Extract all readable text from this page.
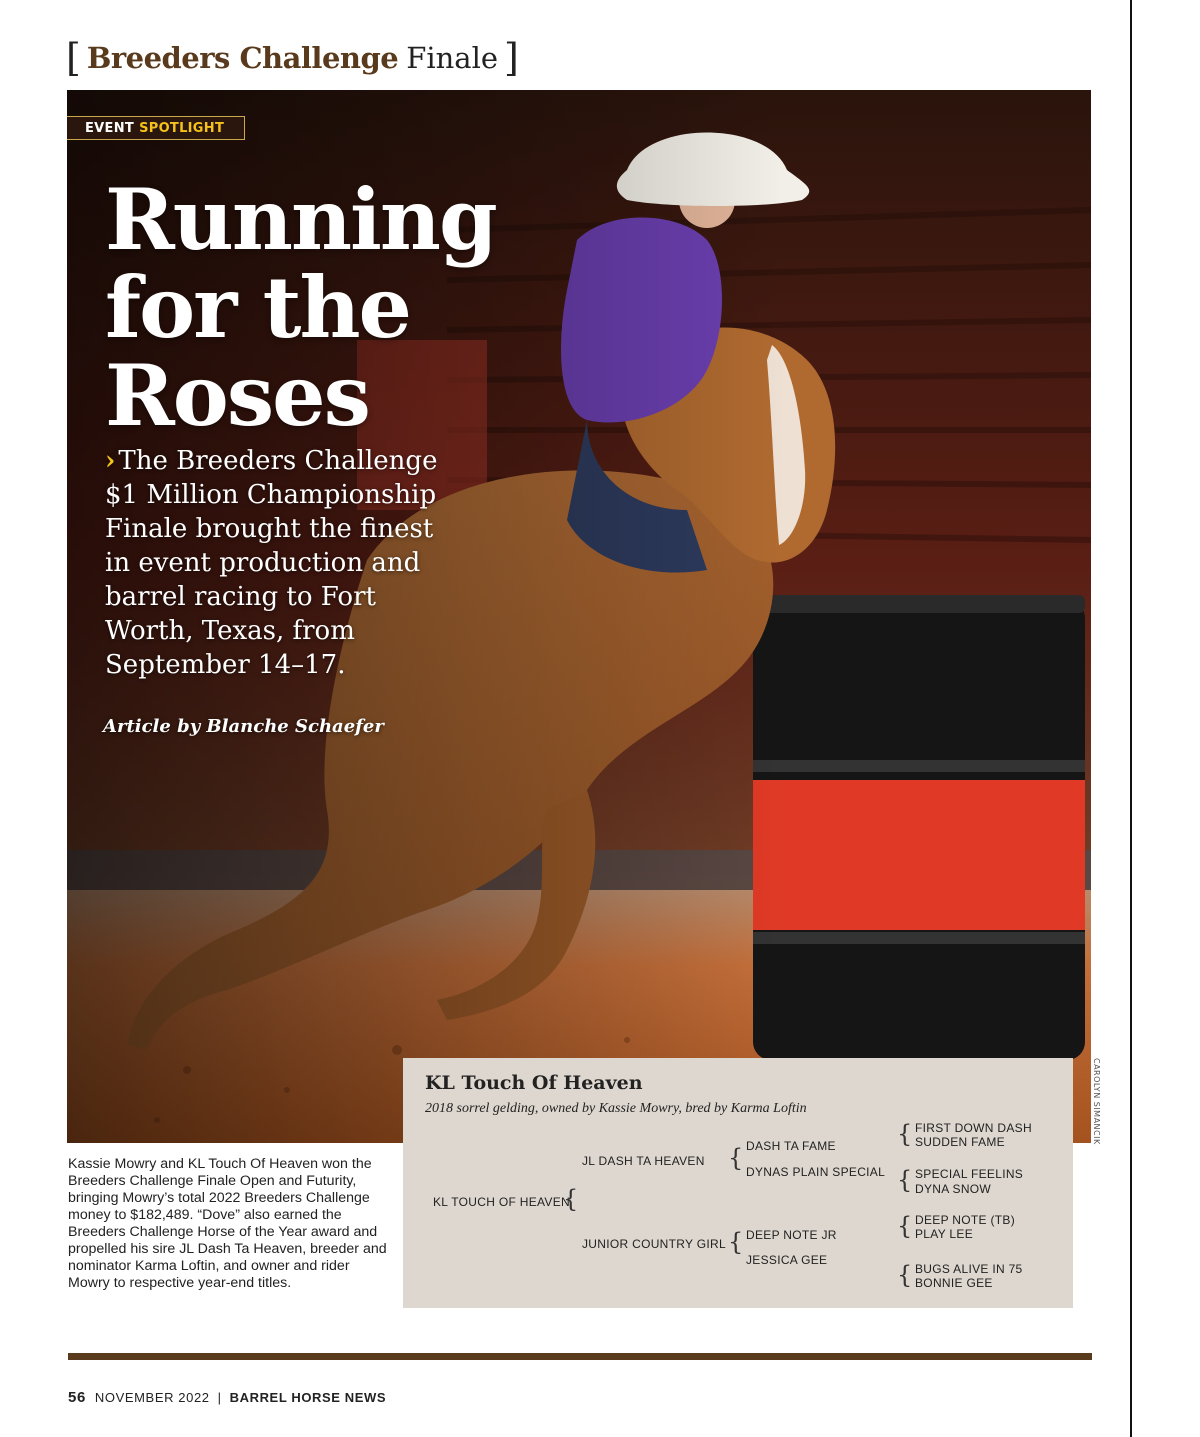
[ Breeders Challenge Finale ]
EVENT SPOTLIGHT
Running for the Roses
› The Breeders Challenge $1 Million Championship Finale brought the finest in event production and barrel racing to Fort Worth, Texas, from September 14–17.
Article by Blanche Schaefer
CAROLYN SIMANCIK
Kassie Mowry and KL Touch Of Heaven won the Breeders Challenge Finale Open and Futurity, bringing Mowry’s total 2022 Breeders Challenge money to $182,489. “Dove” also earned the Breeders Challenge Horse of the Year award and propelled his sire JL Dash Ta Heaven, breeder and nominator Karma Loftin, and owner and rider Mowry to respective year-end titles.
KL Touch Of Heaven
2018 sorrel gelding, owned by Kassie Mowry, bred by Karma Loftin
KL TOUCH OF HEAVEN
{
JL DASH TA HEAVEN
JUNIOR COUNTRY GIRL
{ DASH TA FAME
DYNAS PLAIN SPECIAL
{ DEEP NOTE JR
JESSICA GEE
{ FIRST DOWN DASH
SUDDEN FAME
{ SPECIAL FEELINS
DYNA SNOW
{ DEEP NOTE (TB)
PLAY LEE
{ BUGS ALIVE IN 75
BONNIE GEE
56 NOVEMBER 2022 | BARREL HORSE NEWS
